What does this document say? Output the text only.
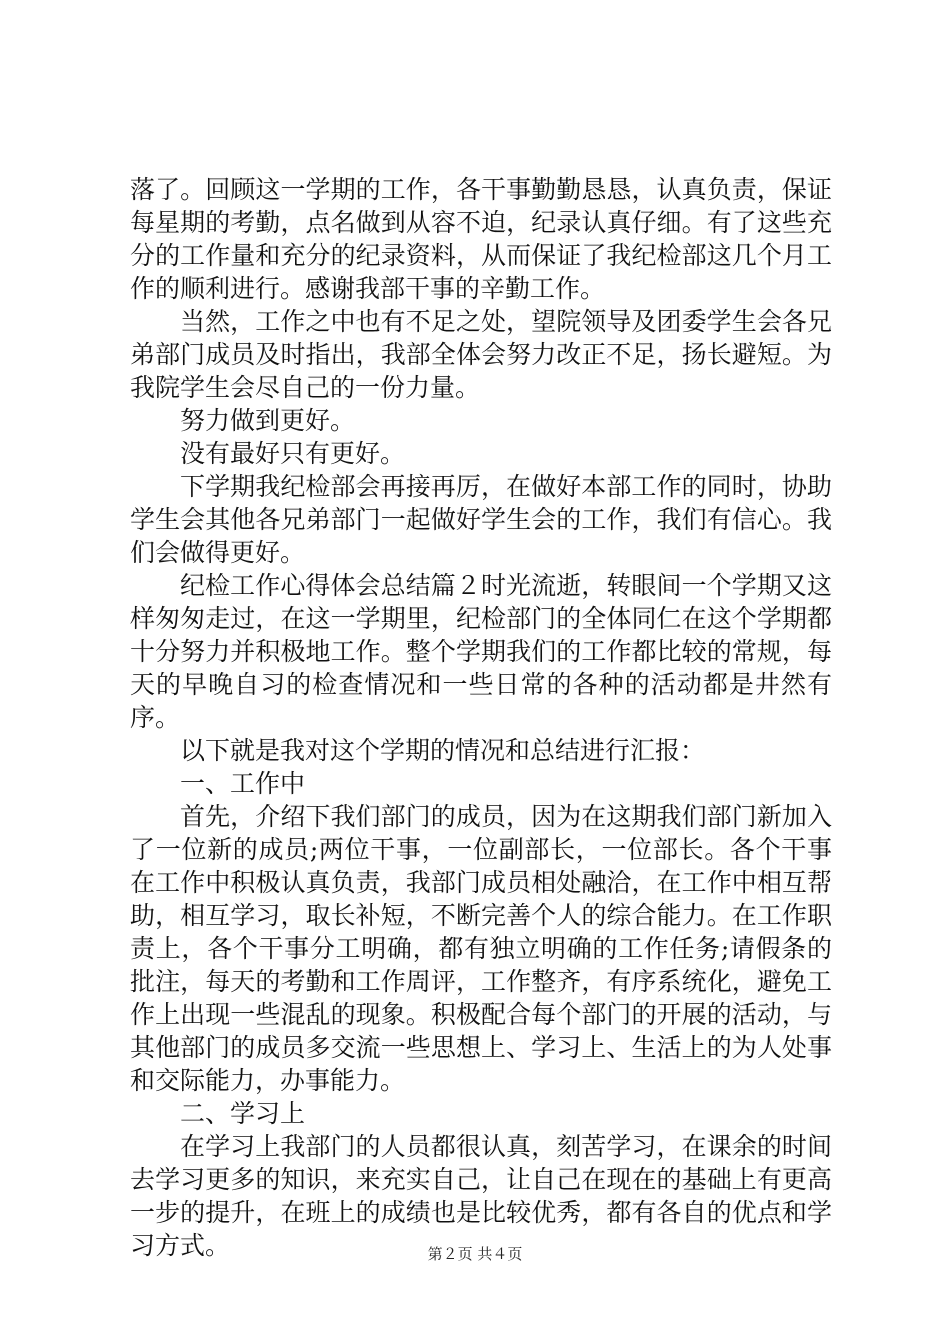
落了。回顾这一学期的工作，各干事勤勤恳恳，认真负责，保证每星期的考勤，点名做到从容不迫，纪录认真仔细。有了这些充分的工作量和充分的纪录资料，从而保证了我纪检部这几个月工作的顺利进行。感谢我部干事的辛勤工作。

当然，工作之中也有不足之处，望院领导及团委学生会各兄弟部门成员及时指出，我部全体会努力改正不足，扬长避短。为我院学生会尽自己的一份力量。

努力做到更好。

没有最好只有更好。

下学期我纪检部会再接再厉，在做好本部工作的同时，协助学生会其他各兄弟部门一起做好学生会的工作，我们有信心。我们会做得更好。

纪检工作心得体会总结篇２时光流逝，转眼间一个学期又这样匆匆走过，在这一学期里，纪检部门的全体同仁在这个学期都十分努力并积极地工作。整个学期我们的工作都比较的常规，每天的早晚自习的检查情况和一些日常的各种的活动都是井然有序。

以下就是我对这个学期的情况和总结进行汇报：

一、工作中

首先，介绍下我们部门的成员，因为在这期我们部门新加入了一位新的成员;两位干事，一位副部长，一位部长。各个干事在工作中积极认真负责，我部门成员相处融洽，在工作中相互帮助，相互学习，取长补短，不断完善个人的综合能力。在工作职责上，各个干事分工明确，都有独立明确的工作任务;请假条的批注，每天的考勤和工作周评，工作整齐，有序系统化，避免工作上出现一些混乱的现象。积极配合每个部门的开展的活动，与其他部门的成员多交流一些思想上、学习上、生活上的为人处事和交际能力，办事能力。

二、学习上

在学习上我部门的人员都很认真，刻苦学习，在课余的时间去学习更多的知识，来充实自己，让自己在现在的基础上有更高一步的提升，在班上的成绩也是比较优秀，都有各自的优点和学习方式。	第２页 共４页
